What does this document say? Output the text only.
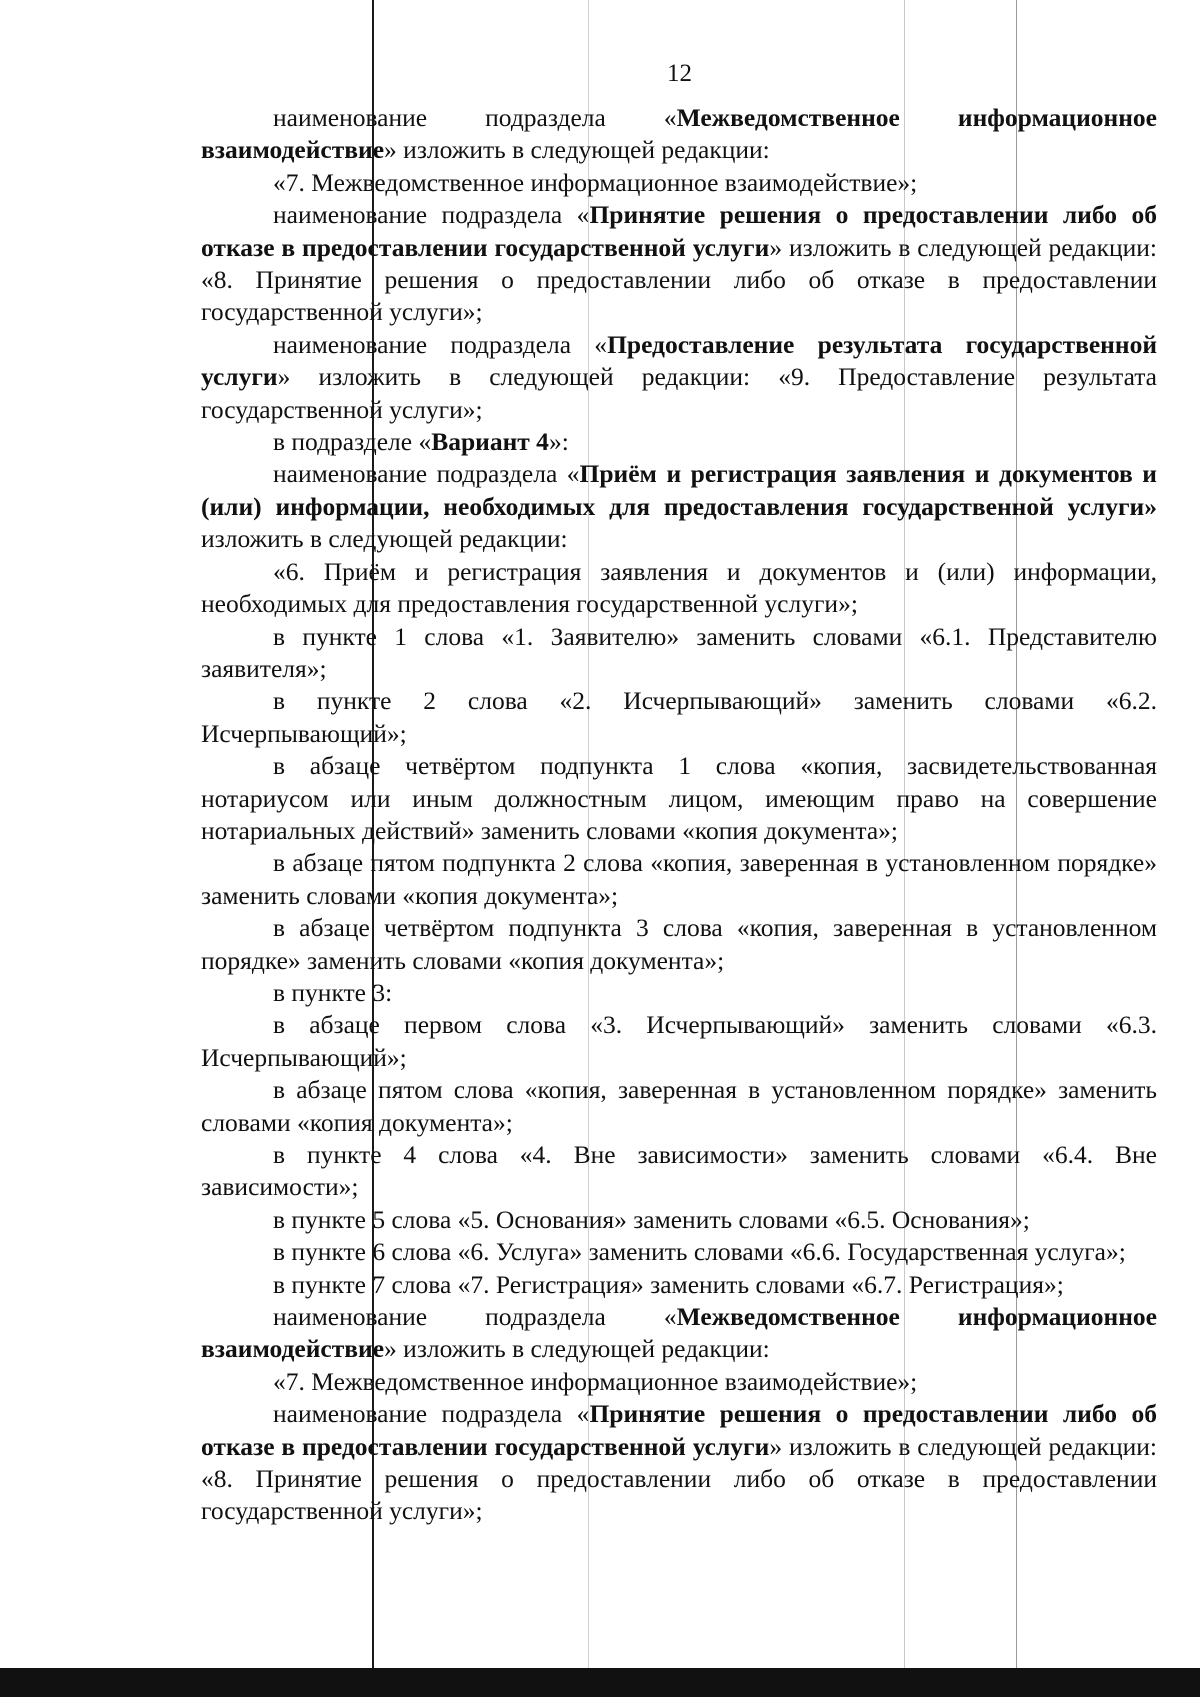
12

наименование подраздела «Межведомственное информационное взаимодействие» изложить в следующей редакции:

«7. Межведомственное информационное взаимодействие»;

наименование подраздела «Принятие решения о предоставлении либо об отказе в предоставлении государственной услуги» изложить в следующей редакции: «8. Принятие решения о предоставлении либо об отказе в предоставлении государственной услуги»;

наименование подраздела «Предоставление результата государственной услуги» изложить в следующей редакции: «9. Предоставление результата государственной услуги»;

в подразделе «Вариант 4»:

наименование подраздела «Приём и регистрация заявления и документов и (или) информации, необходимых для предоставления государственной услуги» изложить в следующей редакции:

«6. Приём и регистрация заявления и документов и (или) информации, необходимых для предоставления государственной услуги»;

в пункте 1 слова «1. Заявителю» заменить словами «6.1. Представителю заявителя»;

в пункте 2 слова «2. Исчерпывающий» заменить словами «6.2. Исчерпывающий»;

в абзаце четвёртом подпункта 1 слова «копия, засвидетельствованная нотариусом или иным должностным лицом, имеющим право на совершение нотариальных действий» заменить словами «копия документа»;

в абзаце пятом подпункта 2 слова «копия, заверенная в установленном порядке» заменить словами «копия документа»;

в абзаце четвёртом подпункта 3 слова «копия, заверенная в установленном порядке» заменить словами «копия документа»;

в пункте 3:

в абзаце первом слова «3. Исчерпывающий» заменить словами «6.3. Исчерпывающий»;

в абзаце пятом слова «копия, заверенная в установленном порядке» заменить словами «копия документа»;

в пункте 4 слова «4. Вне зависимости» заменить словами «6.4. Вне зависимости»;

в пункте 5 слова «5. Основания» заменить словами «6.5. Основания»;

в пункте 6 слова «6. Услуга» заменить словами «6.6. Государственная услуга»;

в пункте 7 слова «7. Регистрация» заменить словами «6.7. Регистрация»;

наименование подраздела «Межведомственное информационное взаимодействие» изложить в следующей редакции:

«7. Межведомственное информационное взаимодействие»;

наименование подраздела «Принятие решения о предоставлении либо об отказе в предоставлении государственной услуги» изложить в следующей редакции: «8. Принятие решения о предоставлении либо об отказе в предоставлении государственной услуги»;
